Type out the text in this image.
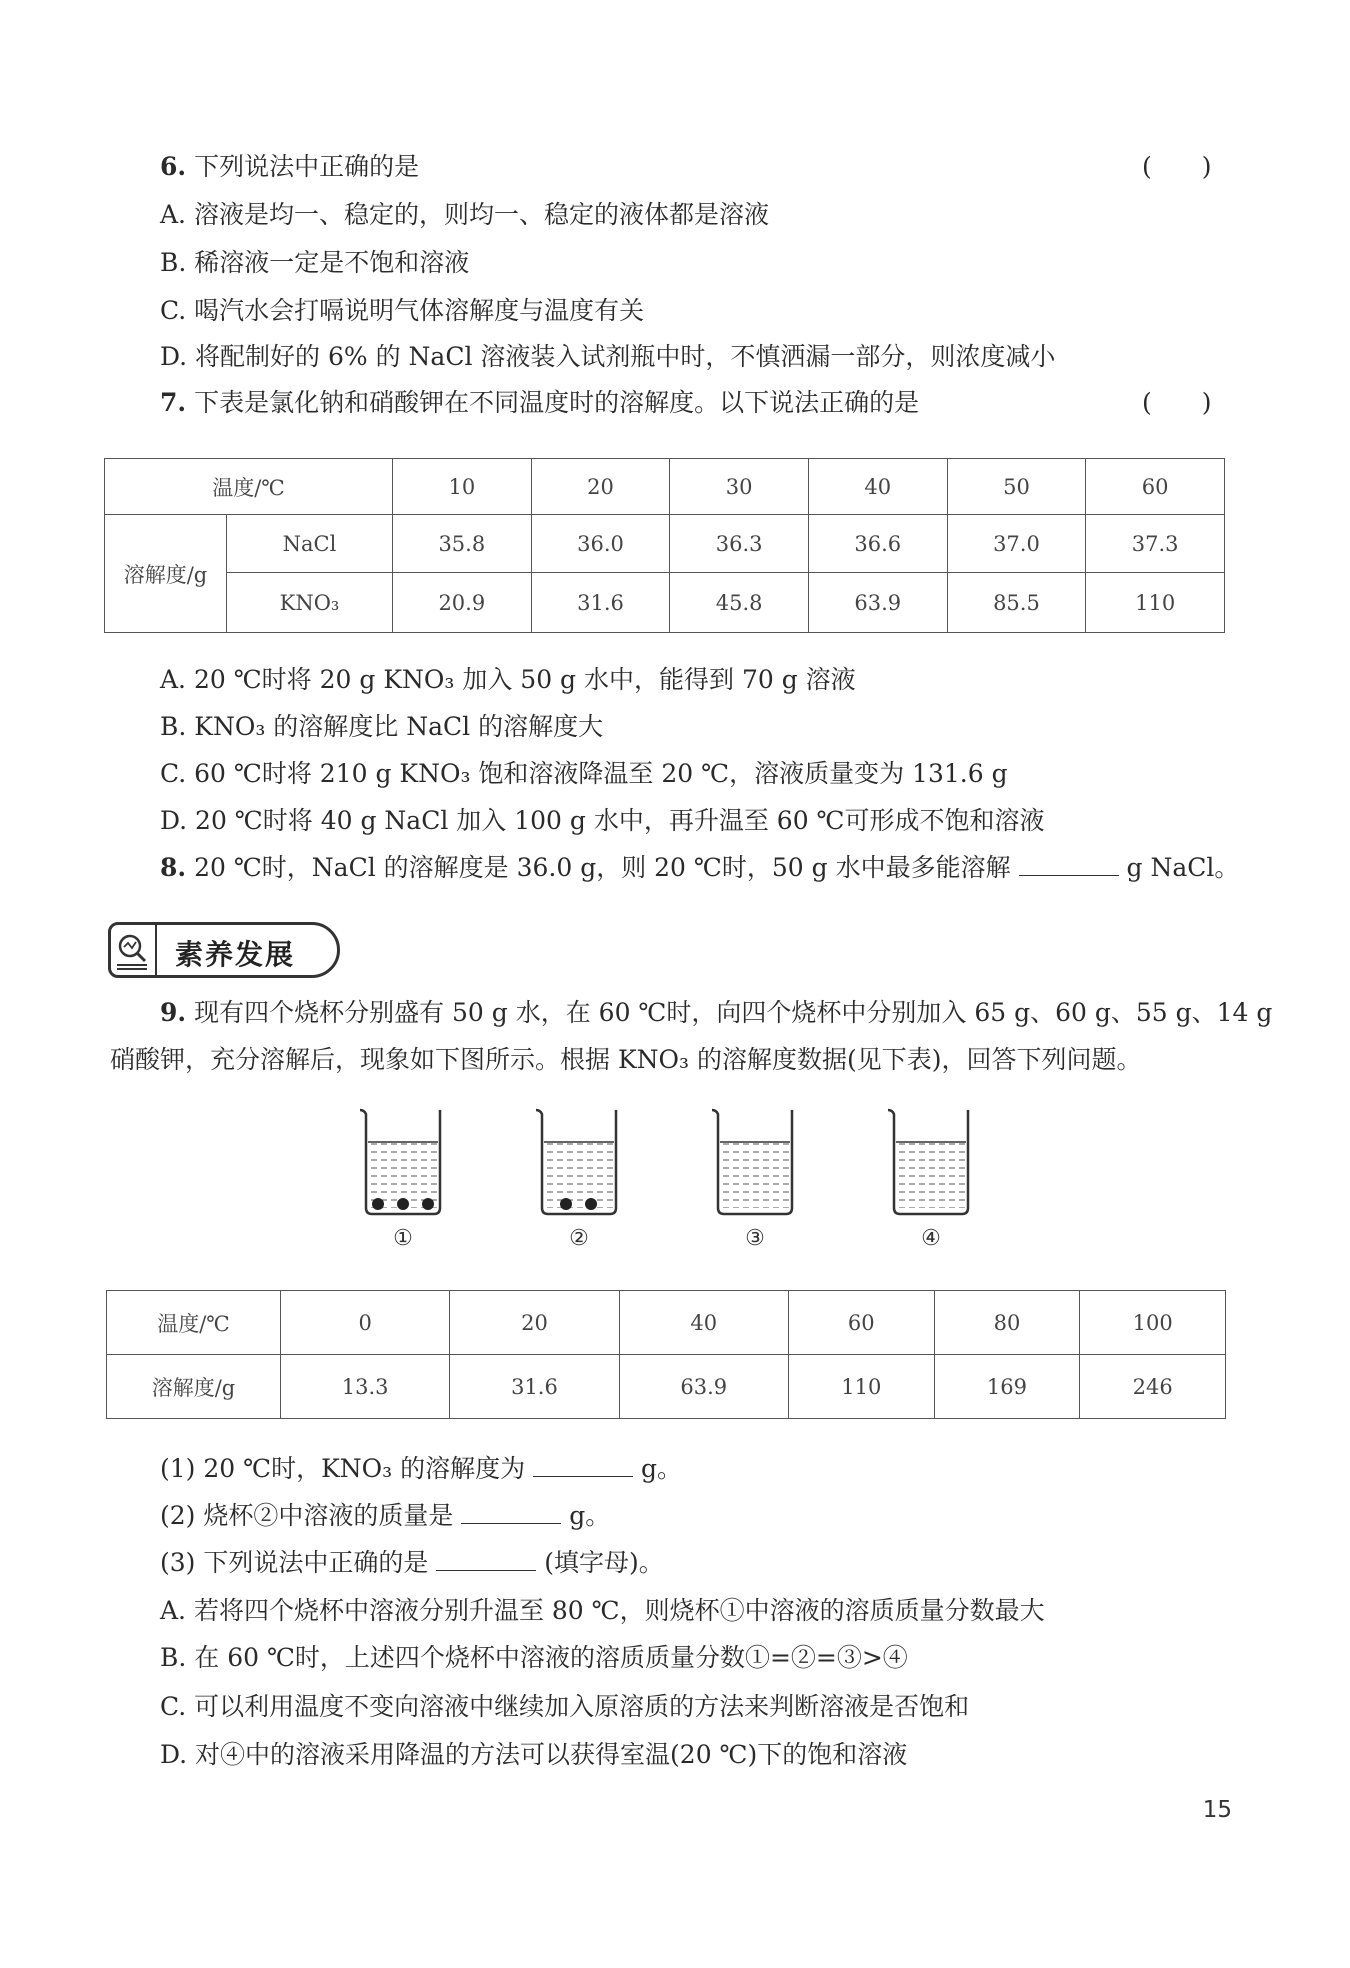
6. 下列说法中正确的是	(　　)
A. 溶液是均一、稳定的，则均一、稳定的液体都是溶液
B. 稀溶液一定是不饱和溶液
C. 喝汽水会打嗝说明气体溶解度与温度有关
D. 将配制好的 6% 的 NaCl 溶液装入试剂瓶中时，不慎洒漏一部分，则浓度减小
7. 下表是氯化钠和硝酸钾在不同温度时的溶解度。以下说法正确的是	(　　)
温度/℃		10	20	30	40	50	60
溶解度/g	NaCl	35.8	36.0	36.3	36.6	37.0	37.3
	KNO₃	20.9	31.6	45.8	63.9	85.5	110
A. 20 ℃时将 20 g KNO₃ 加入 50 g 水中，能得到 70 g 溶液
B. KNO₃ 的溶解度比 NaCl 的溶解度大
C. 60 ℃时将 210 g KNO₃ 饱和溶液降温至 20 ℃，溶液质量变为 131.6 g
D. 20 ℃时将 40 g NaCl 加入 100 g 水中，再升温至 60 ℃可形成不饱和溶液
8. 20 ℃时，NaCl 的溶解度是 36.0 g，则 20 ℃时，50 g 水中最多能溶解	g NaCl。
素养发展
9. 现有四个烧杯分别盛有 50 g 水，在 60 ℃时，向四个烧杯中分别加入 65 g、60 g、55 g、14 g
硝酸钾，充分溶解后，现象如下图所示。根据 KNO₃ 的溶解度数据(见下表)，回答下列问题。
①	②	③	④
温度/℃	0	20	40	60	80	100
溶解度/g	13.3	31.6	63.9	110	169	246
(1) 20 ℃时，KNO₃ 的溶解度为	g。
(2) 烧杯②中溶液的质量是	g。
(3) 下列说法中正确的是	(填字母)。
A. 若将四个烧杯中溶液分别升温至 80 ℃，则烧杯①中溶液的溶质质量分数最大
B. 在 60 ℃时，上述四个烧杯中溶液的溶质质量分数①=②=③>④
C. 可以利用温度不变向溶液中继续加入原溶质的方法来判断溶液是否饱和
D. 对④中的溶液采用降温的方法可以获得室温(20 ℃)下的饱和溶液
15
